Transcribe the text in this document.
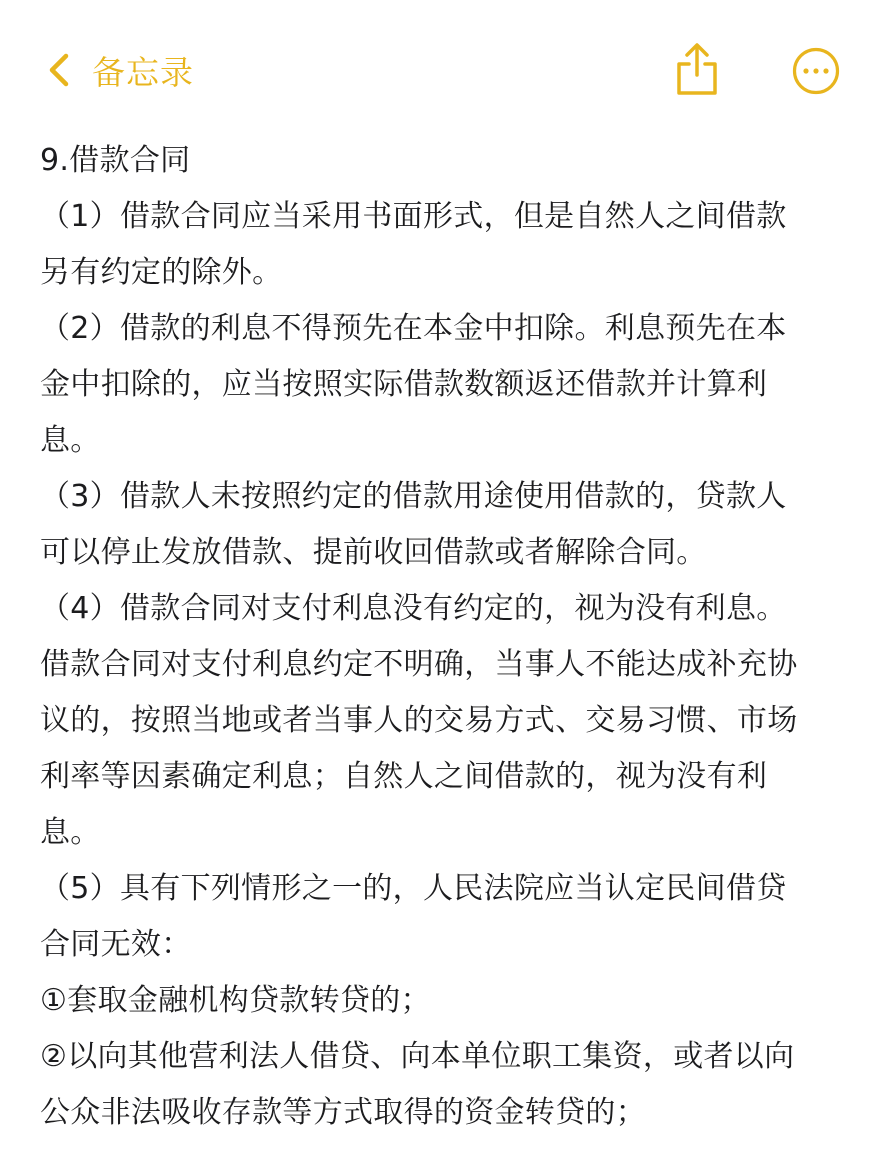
备忘录
9.借款合同
（1）借款合同应当采用书面形式，但是自然人之间借款
另有约定的除外。
（2）借款的利息不得预先在本金中扣除。利息预先在本
金中扣除的，应当按照实际借款数额返还借款并计算利
息。
（3）借款人未按照约定的借款用途使用借款的，贷款人
可以停止发放借款、提前收回借款或者解除合同。
（4）借款合同对支付利息没有约定的，视为没有利息。
借款合同对支付利息约定不明确，当事人不能达成补充协
议的，按照当地或者当事人的交易方式、交易习惯、市场
利率等因素确定利息；自然人之间借款的，视为没有利
息。
（5）具有下列情形之一的，人民法院应当认定民间借贷
合同无效：
①套取金融机构贷款转贷的；
②以向其他营利法人借贷、向本单位职工集资，或者以向
公众非法吸收存款等方式取得的资金转贷的；
